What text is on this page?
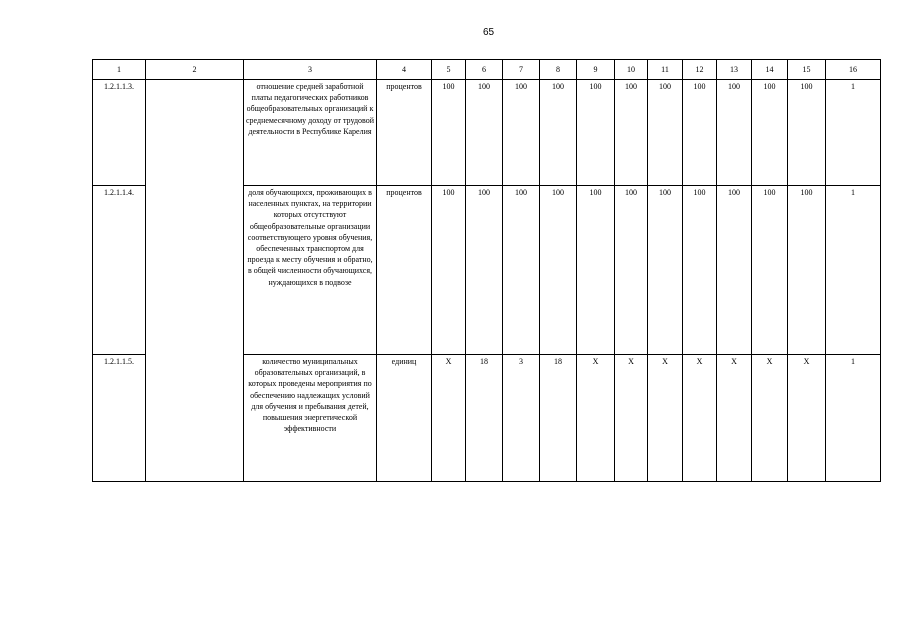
65
1	2	3	4	5	6	7	8	9	10	11	12	13	14	15	16
1.2.1.1.3.		отношение средней заработной платы педагогических работников общеобразовательных организаций к среднемесячному доходу от трудовой деятельности в Республике Карелия	процентов	100	100	100	100	100	100	100	100	100	100	100	1
1.2.1.1.4.		доля обучающихся, проживающих в населенных пунктах, на территории которых отсутствуют общеобразовательные организации соответствующего уровня обучения, обеспеченных транспортом для проезда к месту обучения и обратно, в общей численности обучающихся, нуждающихся в подвозе	процентов	100	100	100	100	100	100	100	100	100	100	100	1
1.2.1.1.5.		количество муниципальных образовательных организаций, в которых проведены мероприятия по обеспечению надлежащих условий для обучения и пребывания детей, повышения энергетической эффективности	единиц	X	18	3	18	X	X	X	X	X	X	X	1
